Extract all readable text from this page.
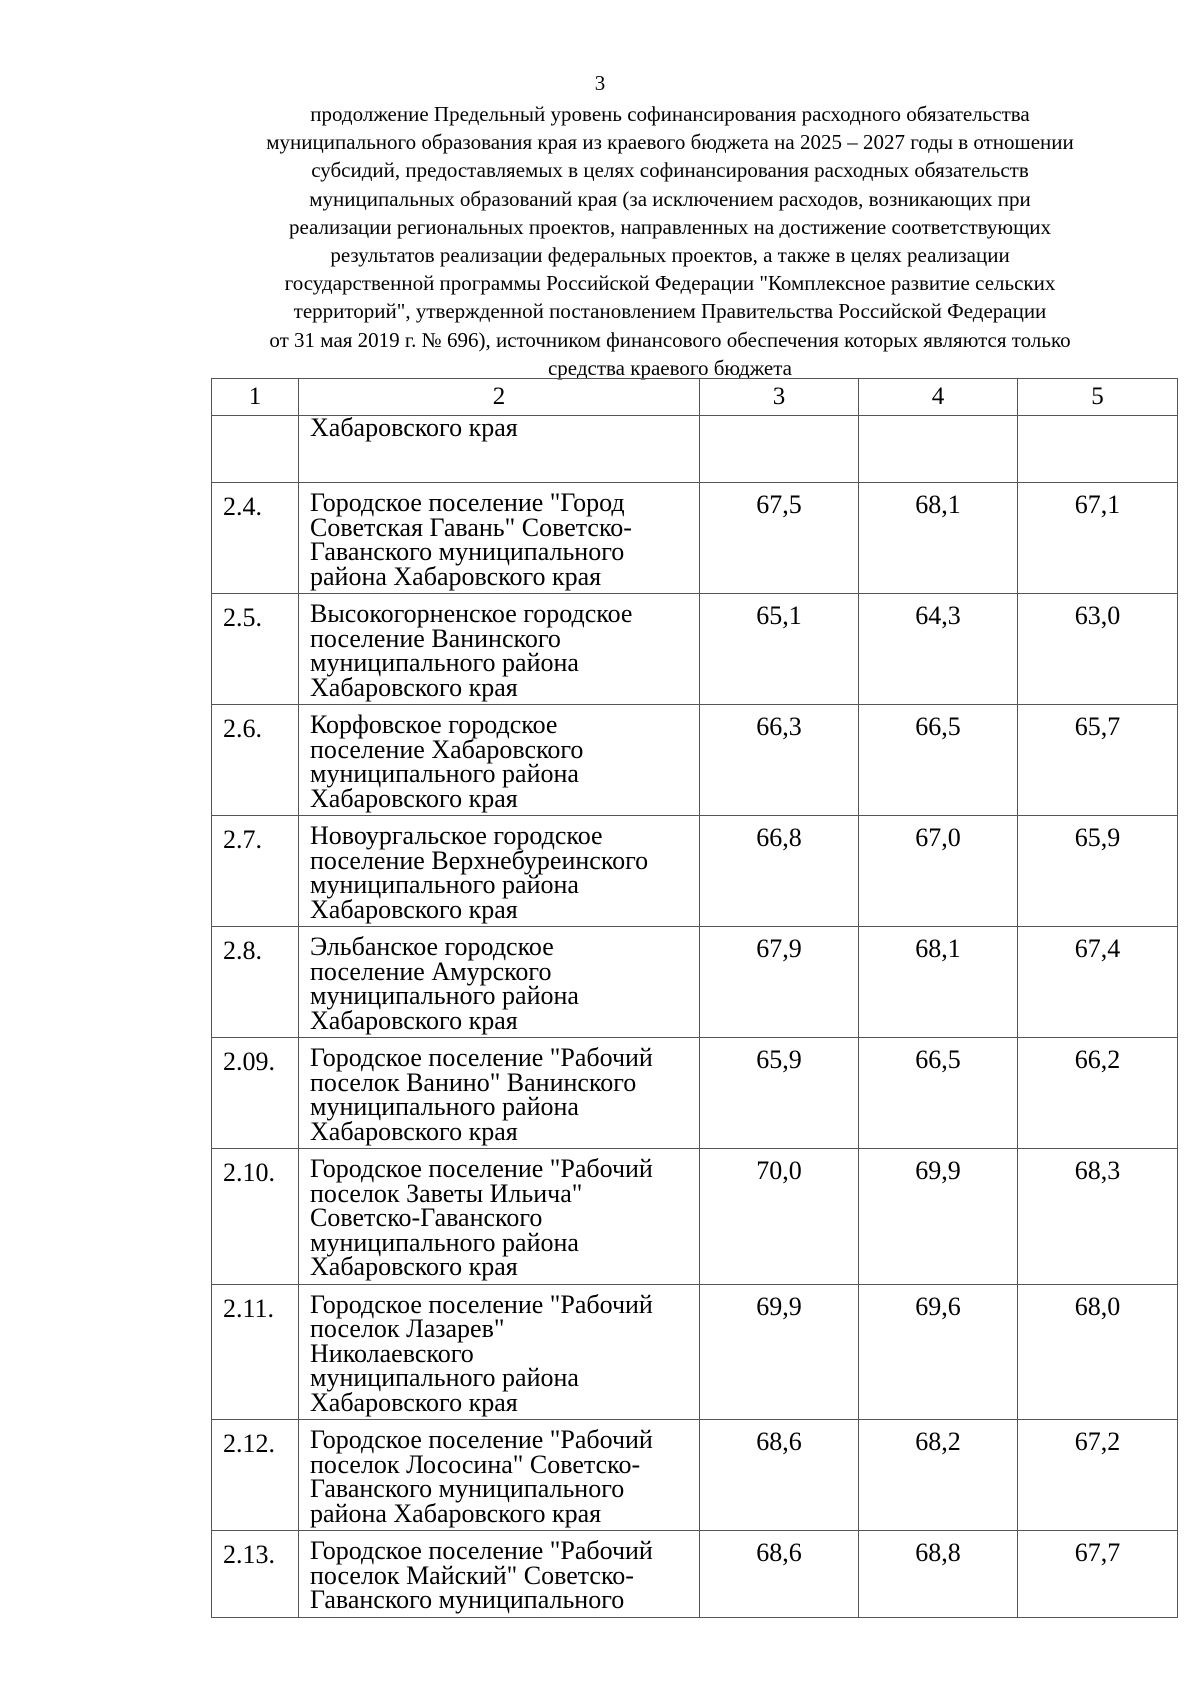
3
продолжение Предельный уровень софинансирования расходного обязательства
муниципального образования края из краевого бюджета на 2025 – 2027 годы в отношении
субсидий, предоставляемых в целях софинансирования расходных обязательств
муниципальных образований края (за исключением расходов, возникающих при
реализации региональных проектов, направленных на достижение соответствующих
результатов реализации федеральных проектов, а также в целях реализации
государственной программы Российской Федерации "Комплексное развитие сельских
территорий", утвержденной постановлением Правительства Российской Федерации
от 31 мая 2019 г. № 696), источником финансового обеспечения которых являются только
средства краевого бюджета
1	2	3	4	5

	Хабаровского края			

2.4.	Городское поселение "Город
Советская Гавань" Советско-
Гаванского муниципального
района Хабаровского края	67,5	68,1	67,1

2.5.	Высокогорненское городское
поселение Ванинского
муниципального района
Хабаровского края	65,1	64,3	63,0

2.6.	Корфовское городское
поселение Хабаровского
муниципального района
Хабаровского края	66,3	66,5	65,7

2.7.	Новоургальское городское
поселение Верхнебуреинского
муниципального района
Хабаровского края	66,8	67,0	65,9

2.8.	Эльбанское городское
поселение Амурского
муниципального района
Хабаровского края	67,9	68,1	67,4

2.09.	Городское поселение "Рабочий
поселок Ванино" Ванинского
муниципального района
Хабаровского края	65,9	66,5	66,2

2.10.	Городское поселение "Рабочий
поселок Заветы Ильича"
Советско-Гаванского
муниципального района
Хабаровского края	70,0	69,9	68,3

2.11.	Городское поселение "Рабочий
поселок Лазарев"
Николаевского
муниципального района
Хабаровского края	69,9	69,6	68,0

2.12.	Городское поселение "Рабочий
поселок Лососина" Советско-
Гаванского муниципального
района Хабаровского края	68,6	68,2	67,2

2.13.	Городское поселение "Рабочий
поселок Майский" Советско-
Гаванского муниципального	68,6	68,8	67,7
